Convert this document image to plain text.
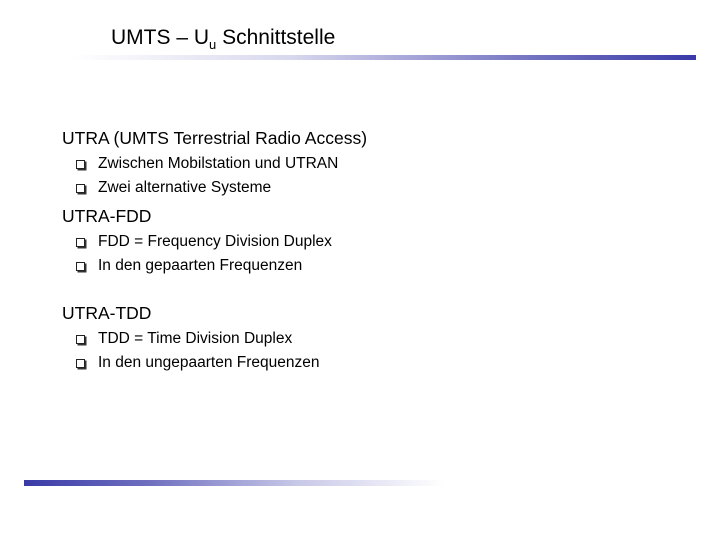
UMTS – $U_u$ Schnittstelle
UTRA (UMTS Terrestrial Radio Access)
Zwischen Mobilstation und UTRAN
Zwei alternative Systeme
UTRA-FDD
FDD = Frequency Division Duplex
In den gepaarten Frequenzen
UTRA-TDD
TDD = Time Division Duplex
In den ungepaarten Frequenzen
